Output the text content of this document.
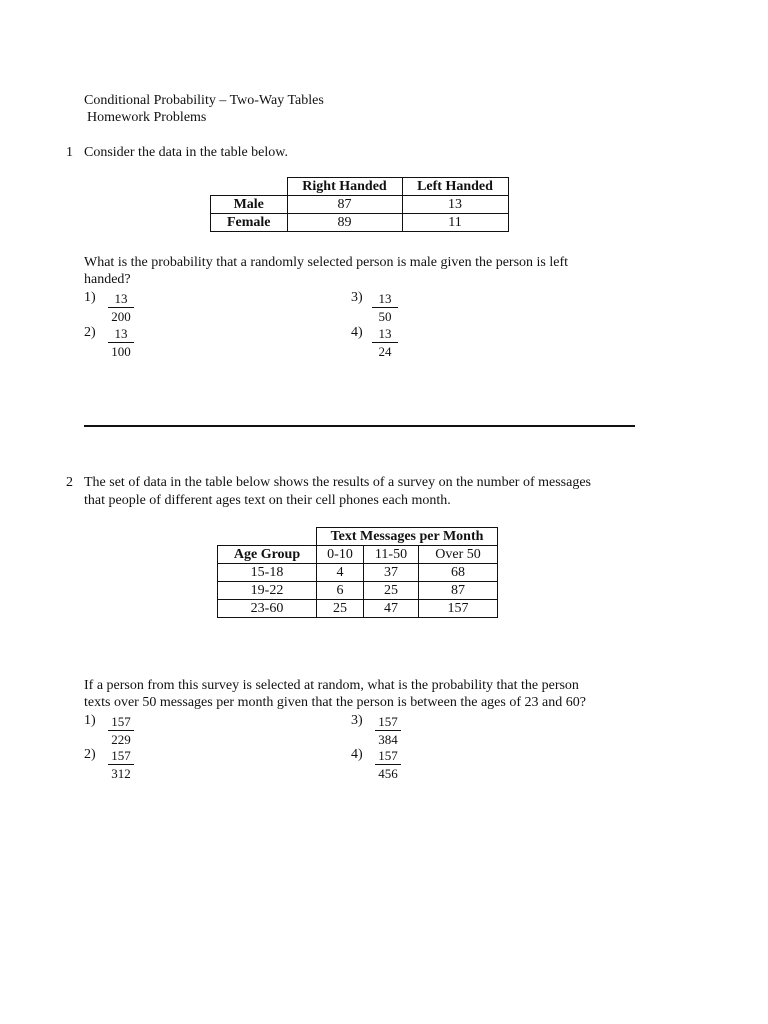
Conditional Probability – Two-Way Tables
Homework Problems
1 Consider the data in the table below.
	Right Handed	Left Handed
Male	87	13
Female	89	11
What is the probability that a randomly selected person is male given the person is left
handed?
$1) \frac{13}{200}$
$2) \frac{13}{100}$
$3) \frac{13}{50}$
$4) \frac{13}{24}$
2 The set of data in the table below shows the results of a survey on the number of messages
that people of different ages text on their cell phones each month.
	Text Messages per Month		
Age Group	0-10	11-50	Over 50
15-18	4	37	68
19-22	6	25	87
23-60	25	47	157
If a person from this survey is selected at random, what is the probability that the person
texts over 50 messages per month given that the person is between the ages of 23 and 60?
$1) \frac{157}{229}$
$2) \frac{157}{312}$
$3) \frac{157}{384}$
$4) \frac{157}{456}$
